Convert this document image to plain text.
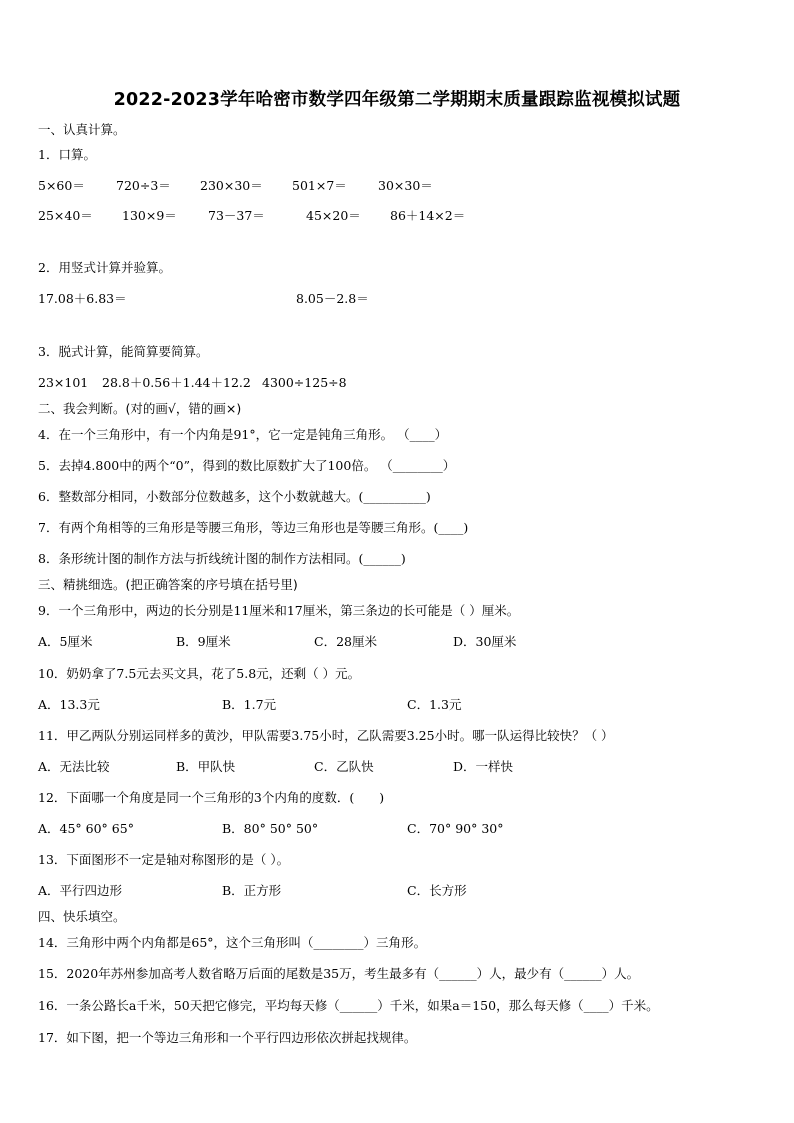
2022-2023学年哈密市数学四年级第二学期期末质量跟踪监视模拟试题
一、认真计算。
1．口算。
5×60＝ 720÷3＝ 230×30＝ 501×7＝ 30×30＝
25×40＝ 130×9＝ 73－37＝	45×20＝ 86＋14×2＝
2．用竖式计算并验算。
17.08＋6.83＝	8.05－2.8＝
3．脱式计算，能简算要简算。
23×101 28.8＋0.56＋1.44＋12.2 4300÷125÷8
二、我会判断。(对的画√，错的画×)
4．在一个三角形中，有一个内角是91°，它一定是钝角三角形。 （____）
5．去掉4.800中的两个“0”，得到的数比原数扩大了100倍。 （________）
6．整数部分相同，小数部分位数越多，这个小数就越大。(__________)
7．有两个角相等的三角形是等腰三角形，等边三角形也是等腰三角形。(____)
8．条形统计图的制作方法与折线统计图的制作方法相同。(______)
三、精挑细选。(把正确答案的序号填在括号里)
9．一个三角形中，两边的长分别是11厘米和17厘米，第三条边的长可能是（ ）厘米。
A．5厘米	B．9厘米	C．28厘米	D．30厘米
10．奶奶拿了7.5元去买文具，花了5.8元，还剩（ ）元。
A．13.3元	B．1.7元	C．1.3元
11．甲乙两队分别运同样多的黄沙，甲队需要3.75小时，乙队需要3.25小时。哪一队运得比较快？（ ）
A．无法比较	B．甲队快	C．乙队快	D．一样快
12．下面哪一个角度是同一个三角形的3个内角的度数．(　　)
A．45° 60° 65°	B．80° 50° 50°	C．70° 90° 30°
13．下面图形不一定是轴对称图形的是（ ）。
A．平行四边形	B．正方形	C．长方形
四、快乐填空。
14．三角形中两个内角都是65°，这个三角形叫（________）三角形。
15．2020年苏州参加高考人数省略万后面的尾数是35万，考生最多有（______）人，最少有（______）人。
16．一条公路长a千米，50天把它修完，平均每天修（______）千米，如果a＝150，那么每天修（____）千米。
17．如下图，把一个等边三角形和一个平行四边形依次拼起找规律。
